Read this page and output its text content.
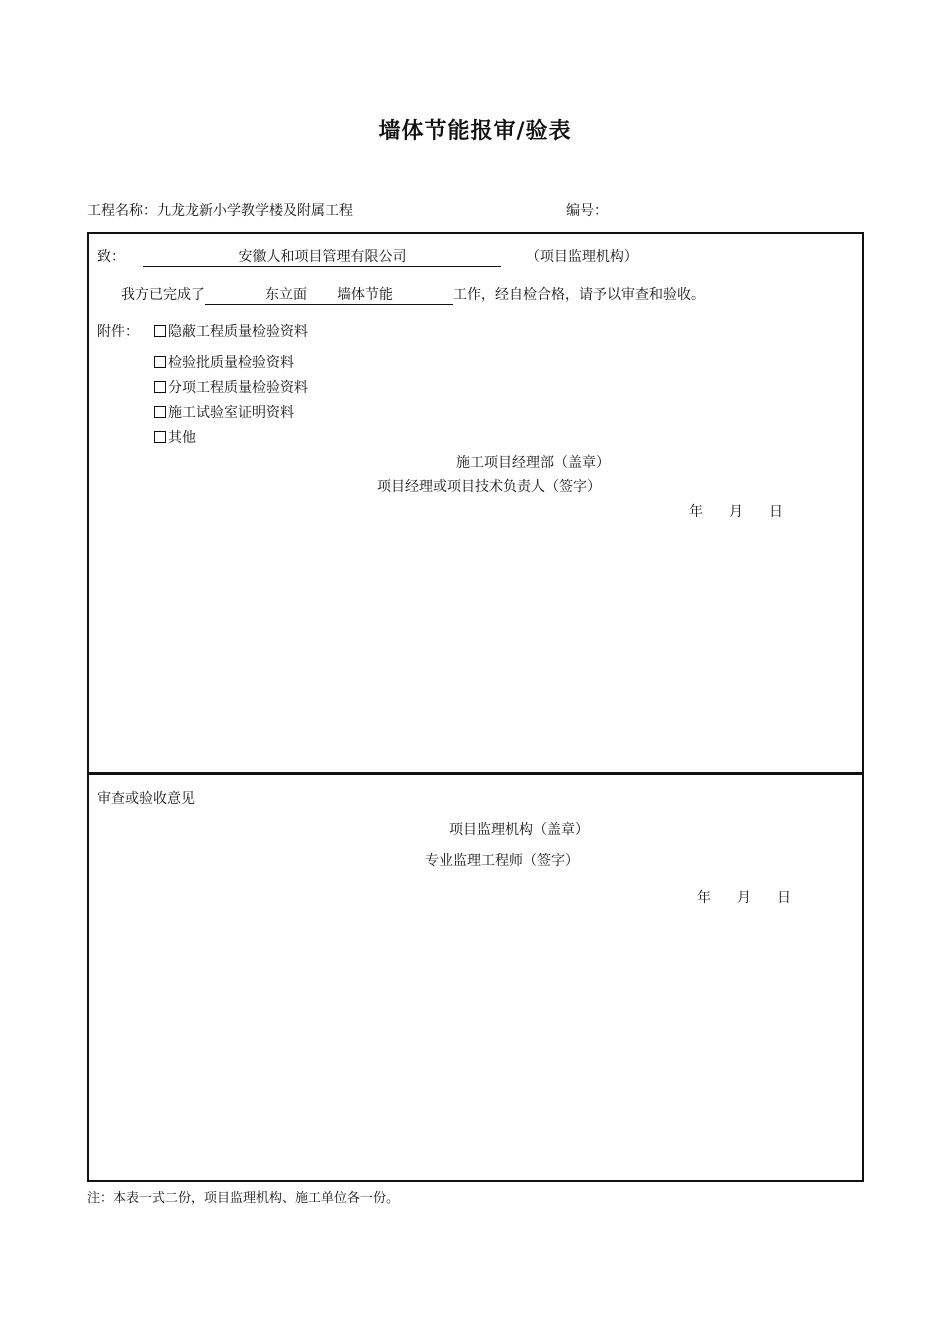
墙体节能报审/验表
工程名称：九龙龙新小学教学楼及附属工程	编号：
致：	安徽人和项目管理有限公司	（项目监理机构）
我方已完成了	东立面 墙体节能	工作，经自检合格，请予以审查和验收。
附件：	隐蔽工程质量检验资料
检验批质量检验资料
分项工程质量检验资料
施工试验室证明资料
其他
施工项目经理部（盖章）
项目经理或项目技术负责人（签字）
年 月 日
审查或验收意见
项目监理机构（盖章）
专业监理工程师（签字）
年 月 日
注：本表一式二份，项目监理机构、施工单位各一份。
